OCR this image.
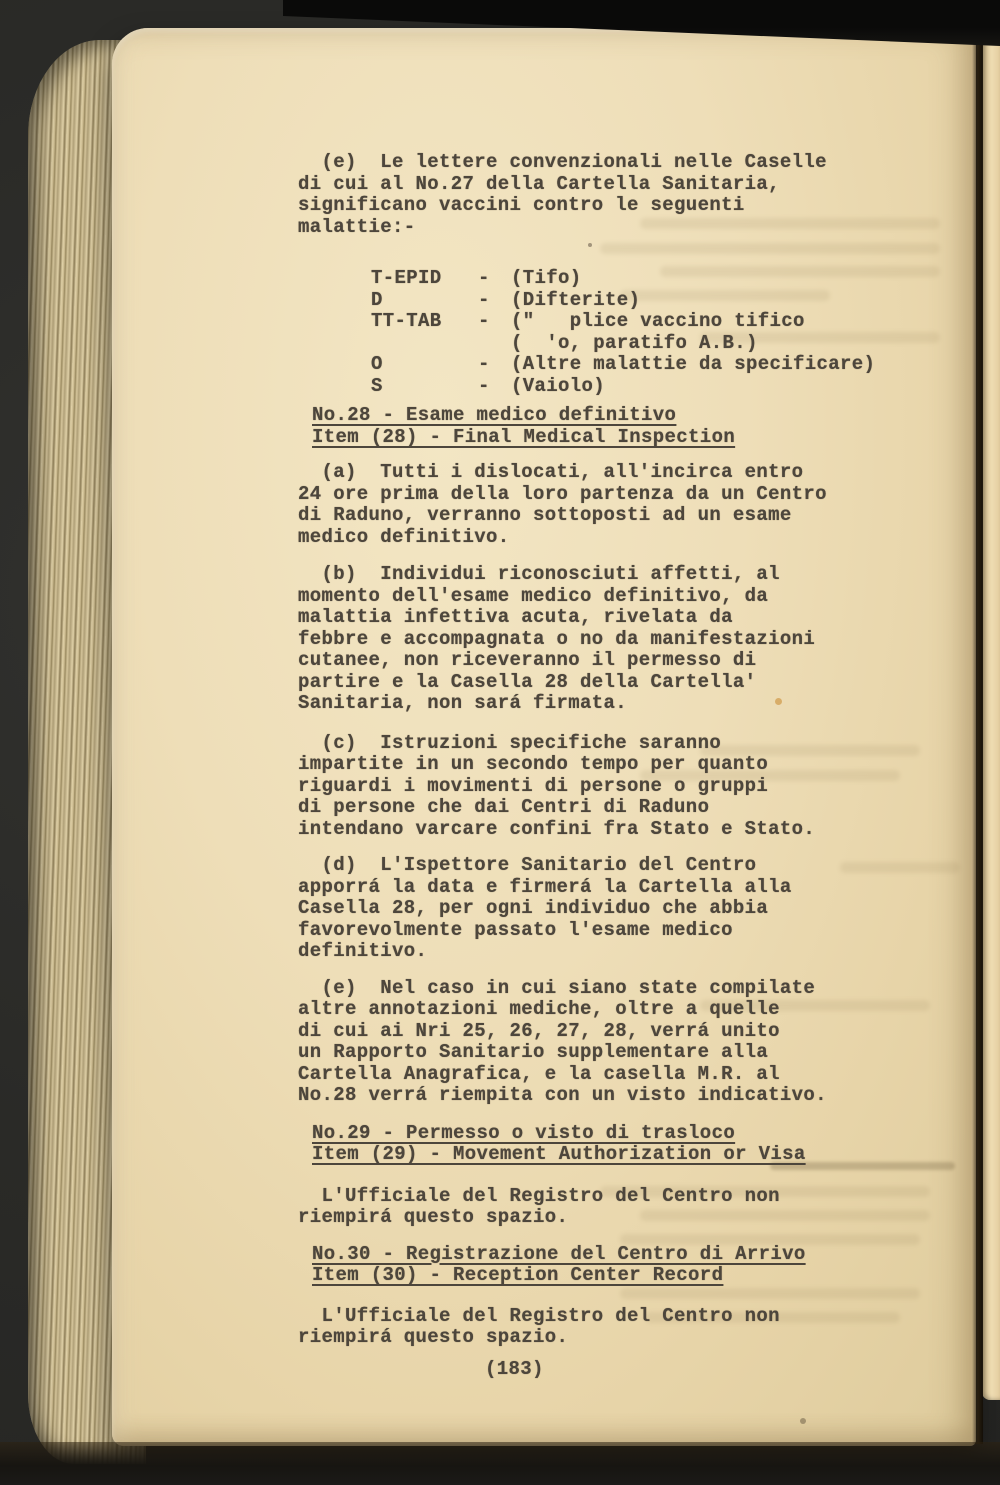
(e)  Le lettere convenzionali nelle Caselle
di cui al No.27 della Cartella Sanitaria,
significano vaccini contro le seguenti
malattie:-
T-EPID - (Tifo)
D	- (Difterite)
TT-TAB - ("   plice vaccino tifico
(  'o, paratifo A.B.)
O	- (Altre malattie da specificare)
S	- (Vaiolo)
No.28 - Esame medico definitivo
Item (28) - Final Medical Inspection
(a)  Tutti i dislocati, all'incirca entro
24 ore prima della loro partenza da un Centro
di Raduno, verranno sottoposti ad un esame
medico definitivo.
(b)  Individui riconosciuti affetti, al
momento dell'esame medico definitivo, da
malattia infettiva acuta, rivelata da
febbre e accompagnata o no da manifestazioni
cutanee, non riceveranno il permesso di
partire e la Casella 28 della Cartella'
Sanitaria, non sará firmata.
(c)  Istruzioni specifiche saranno
impartite in un secondo tempo per quanto
riguardi i movimenti di persone o gruppi
di persone che dai Centri di Raduno
intendano varcare confini fra Stato e Stato.
(d)  L'Ispettore Sanitario del Centro
apporrá la data e firmerá la Cartella alla
Casella 28, per ogni individuo che abbia
favorevolmente passato l'esame medico
definitivo.
(e)  Nel caso in cui siano state compilate
altre annotazioni mediche, oltre a quelle
di cui ai Nri 25, 26, 27, 28, verrá unito
un Rapporto Sanitario supplementare alla
Cartella Anagrafica, e la casella M.R. al
No.28 verrá riempita con un visto indicativo.
No.29 - Permesso o visto di trasloco
Item (29) - Movement Authorization or Visa
L'Ufficiale del Registro del Centro non
riempirá questo spazio.
No.30 - Registrazione del Centro di Arrivo
Item (30) - Reception Center Record
L'Ufficiale del Registro del Centro non
riempirá questo spazio.
(183)
